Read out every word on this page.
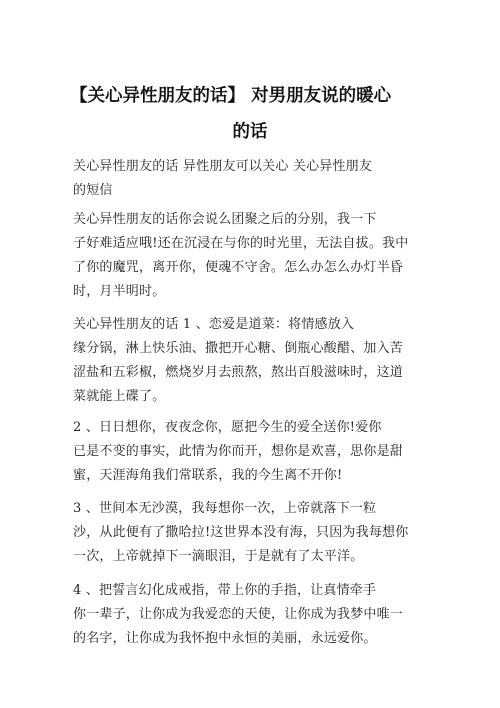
【关心异性朋友的话】 对男朋友说的暖心
的话

关心异性朋友的话 异性朋友可以关心 关心异性朋友
的短信

关心异性朋友的话你会说么团聚之后的分别，我一下
子好难适应哦!还在沉浸在与你的时光里，无法自拔。我中
了你的魔咒，离开你，便魂不守舍。怎么办怎么办灯半昏
时，月半明时。

关心异性朋友的话 1 、恋爱是道菜：将情感放入
缘分锅，淋上快乐油、撒把开心糖、倒瓶心酸醋、加入苦
涩盐和五彩椒，燃烧岁月去煎熬，熬出百般滋味时，这道
菜就能上碟了。

2 、日日想你，夜夜念你，愿把今生的爱全送你!爱你
已是不变的事实，此情为你而开，想你是欢喜，思你是甜
蜜，天涯海角我们常联系，我的今生离不开你!

3 、世间本无沙漠，我每想你一次，上帝就落下一粒
沙，从此便有了撒哈拉!这世界本没有海，只因为我每想你
一次，上帝就掉下一滴眼泪，于是就有了太平洋。

4 、把誓言幻化成戒指，带上你的手指，让真情牵手
你一辈子，让你成为我爱恋的天使，让你成为我梦中唯一
的名字，让你成为我怀抱中永恒的美丽，永远爱你。
